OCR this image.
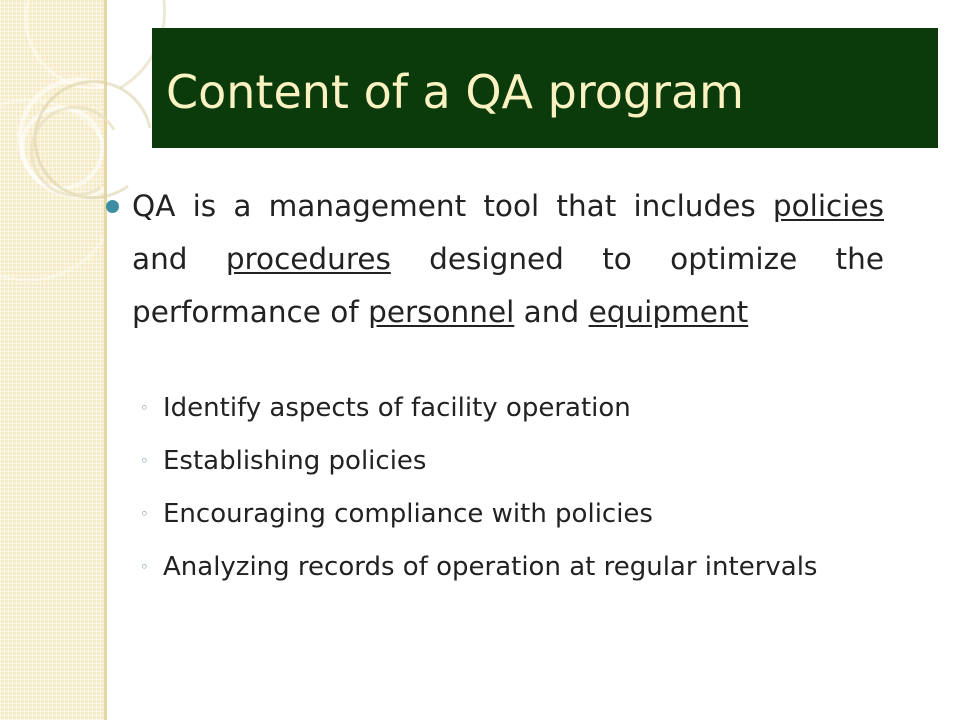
Content of a QA program
QA is a management tool that includes policies and procedures designed to optimize the performance of personnel and equipment
◦ Identify aspects of facility operation
◦ Establishing policies
◦ Encouraging compliance with policies
◦ Analyzing records of operation at regular intervals
